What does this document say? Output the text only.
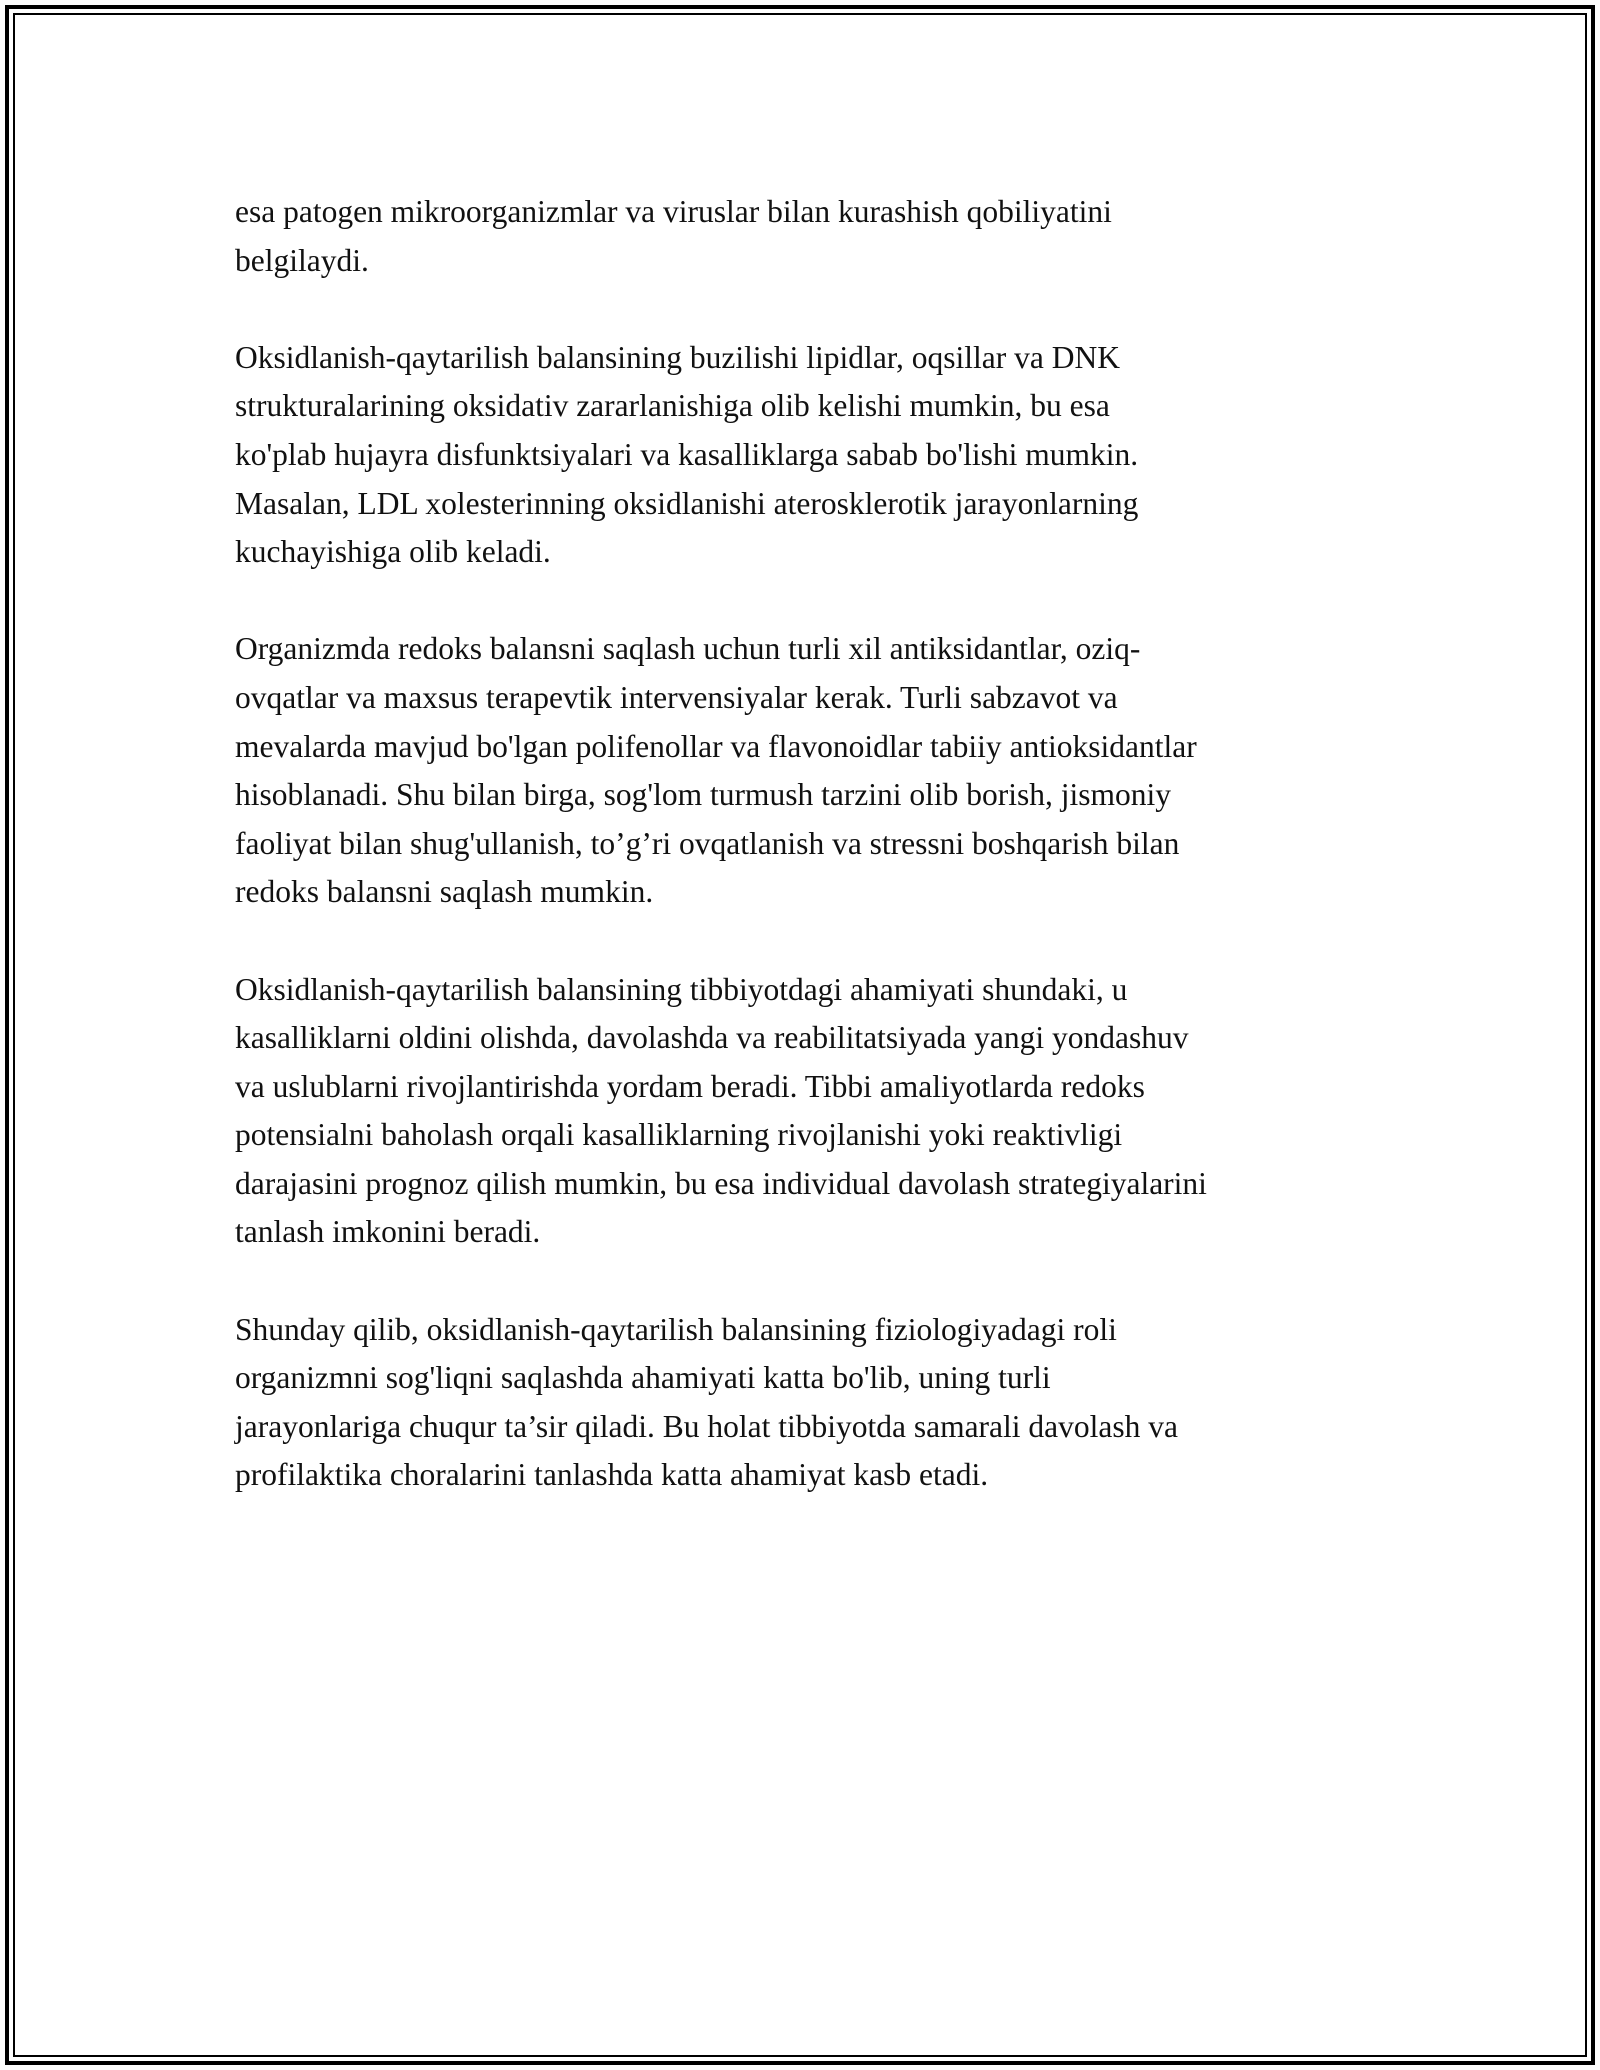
esa patogen mikroorganizmlar va viruslar bilan kurashish qobiliyatini
belgilaydi.

Oksidlanish-qaytarilish balansining buzilishi lipidlar, oqsillar va DNK
strukturalarining oksidativ zararlanishiga olib kelishi mumkin, bu esa
ko'plab hujayra disfunktsiyalari va kasalliklarga sabab bo'lishi mumkin.
Masalan, LDL xolesterinning oksidlanishi aterosklerotik jarayonlarning
kuchayishiga olib keladi.

Organizmda redoks balansni saqlash uchun turli xil antiksidantlar, oziq-
ovqatlar va maxsus terapevtik intervensiyalar kerak. Turli sabzavot va
mevalarda mavjud bo'lgan polifenollar va flavonoidlar tabiiy antioksidantlar
hisoblanadi. Shu bilan birga, sog'lom turmush tarzini olib borish, jismoniy
faoliyat bilan shug'ullanish, to’g’ri ovqatlanish va stressni boshqarish bilan
redoks balansni saqlash mumkin.

Oksidlanish-qaytarilish balansining tibbiyotdagi ahamiyati shundaki, u
kasalliklarni oldini olishda, davolashda va reabilitatsiyada yangi yondashuv
va uslublarni rivojlantirishda yordam beradi. Tibbi amaliyotlarda redoks
potensialni baholash orqali kasalliklarning rivojlanishi yoki reaktivligi
darajasini prognoz qilish mumkin, bu esa individual davolash strategiyalarini
tanlash imkonini beradi.

Shunday qilib, oksidlanish-qaytarilish balansining fiziologiyadagi roli
organizmni sog'liqni saqlashda ahamiyati katta bo'lib, uning turli
jarayonlariga chuqur ta’sir qiladi. Bu holat tibbiyotda samarali davolash va
profilaktika choralarini tanlashda katta ahamiyat kasb etadi.
